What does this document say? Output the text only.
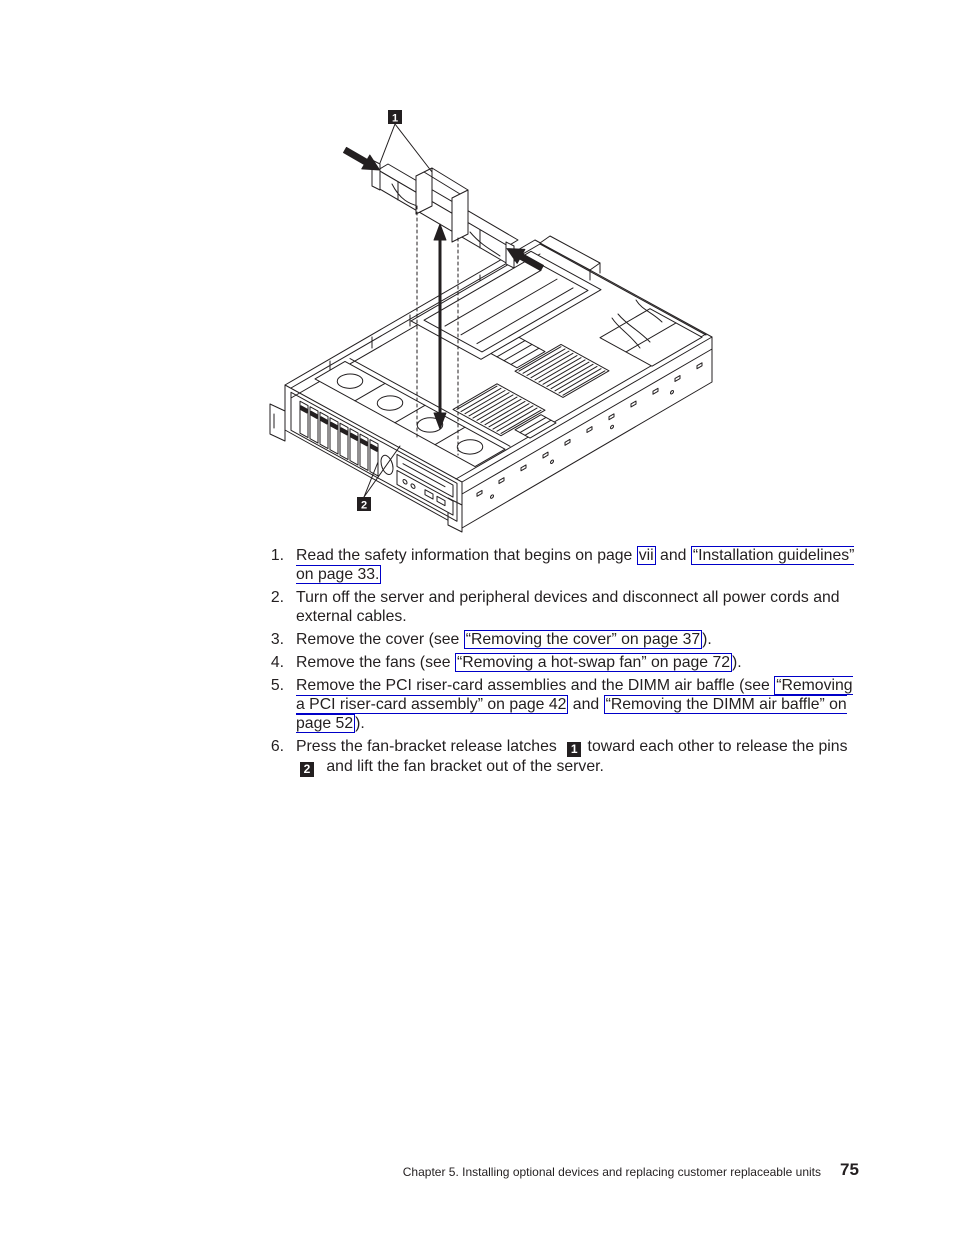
1
2
1. Read the safety information that begins on page vii and “Installation guidelines” on page 33.
2. Turn off the server and peripheral devices and disconnect all power cords and external cables.
3. Remove the cover (see “Removing the cover” on page 37 ).
4. Remove the fans (see “Removing a hot-swap fan” on page 72 ).
5. Remove the PCI riser-card assemblies and the DIMM air baffle (see “Removing a PCI riser-card assembly” on page 42 and “Removing the DIMM air baffle” on page 52 ).
6. Press the fan-bracket release latches 1 toward each other to release the pins 2 and lift the fan bracket out of the server.
Chapter 5. Installing optional devices and replacing customer replaceable units 75
